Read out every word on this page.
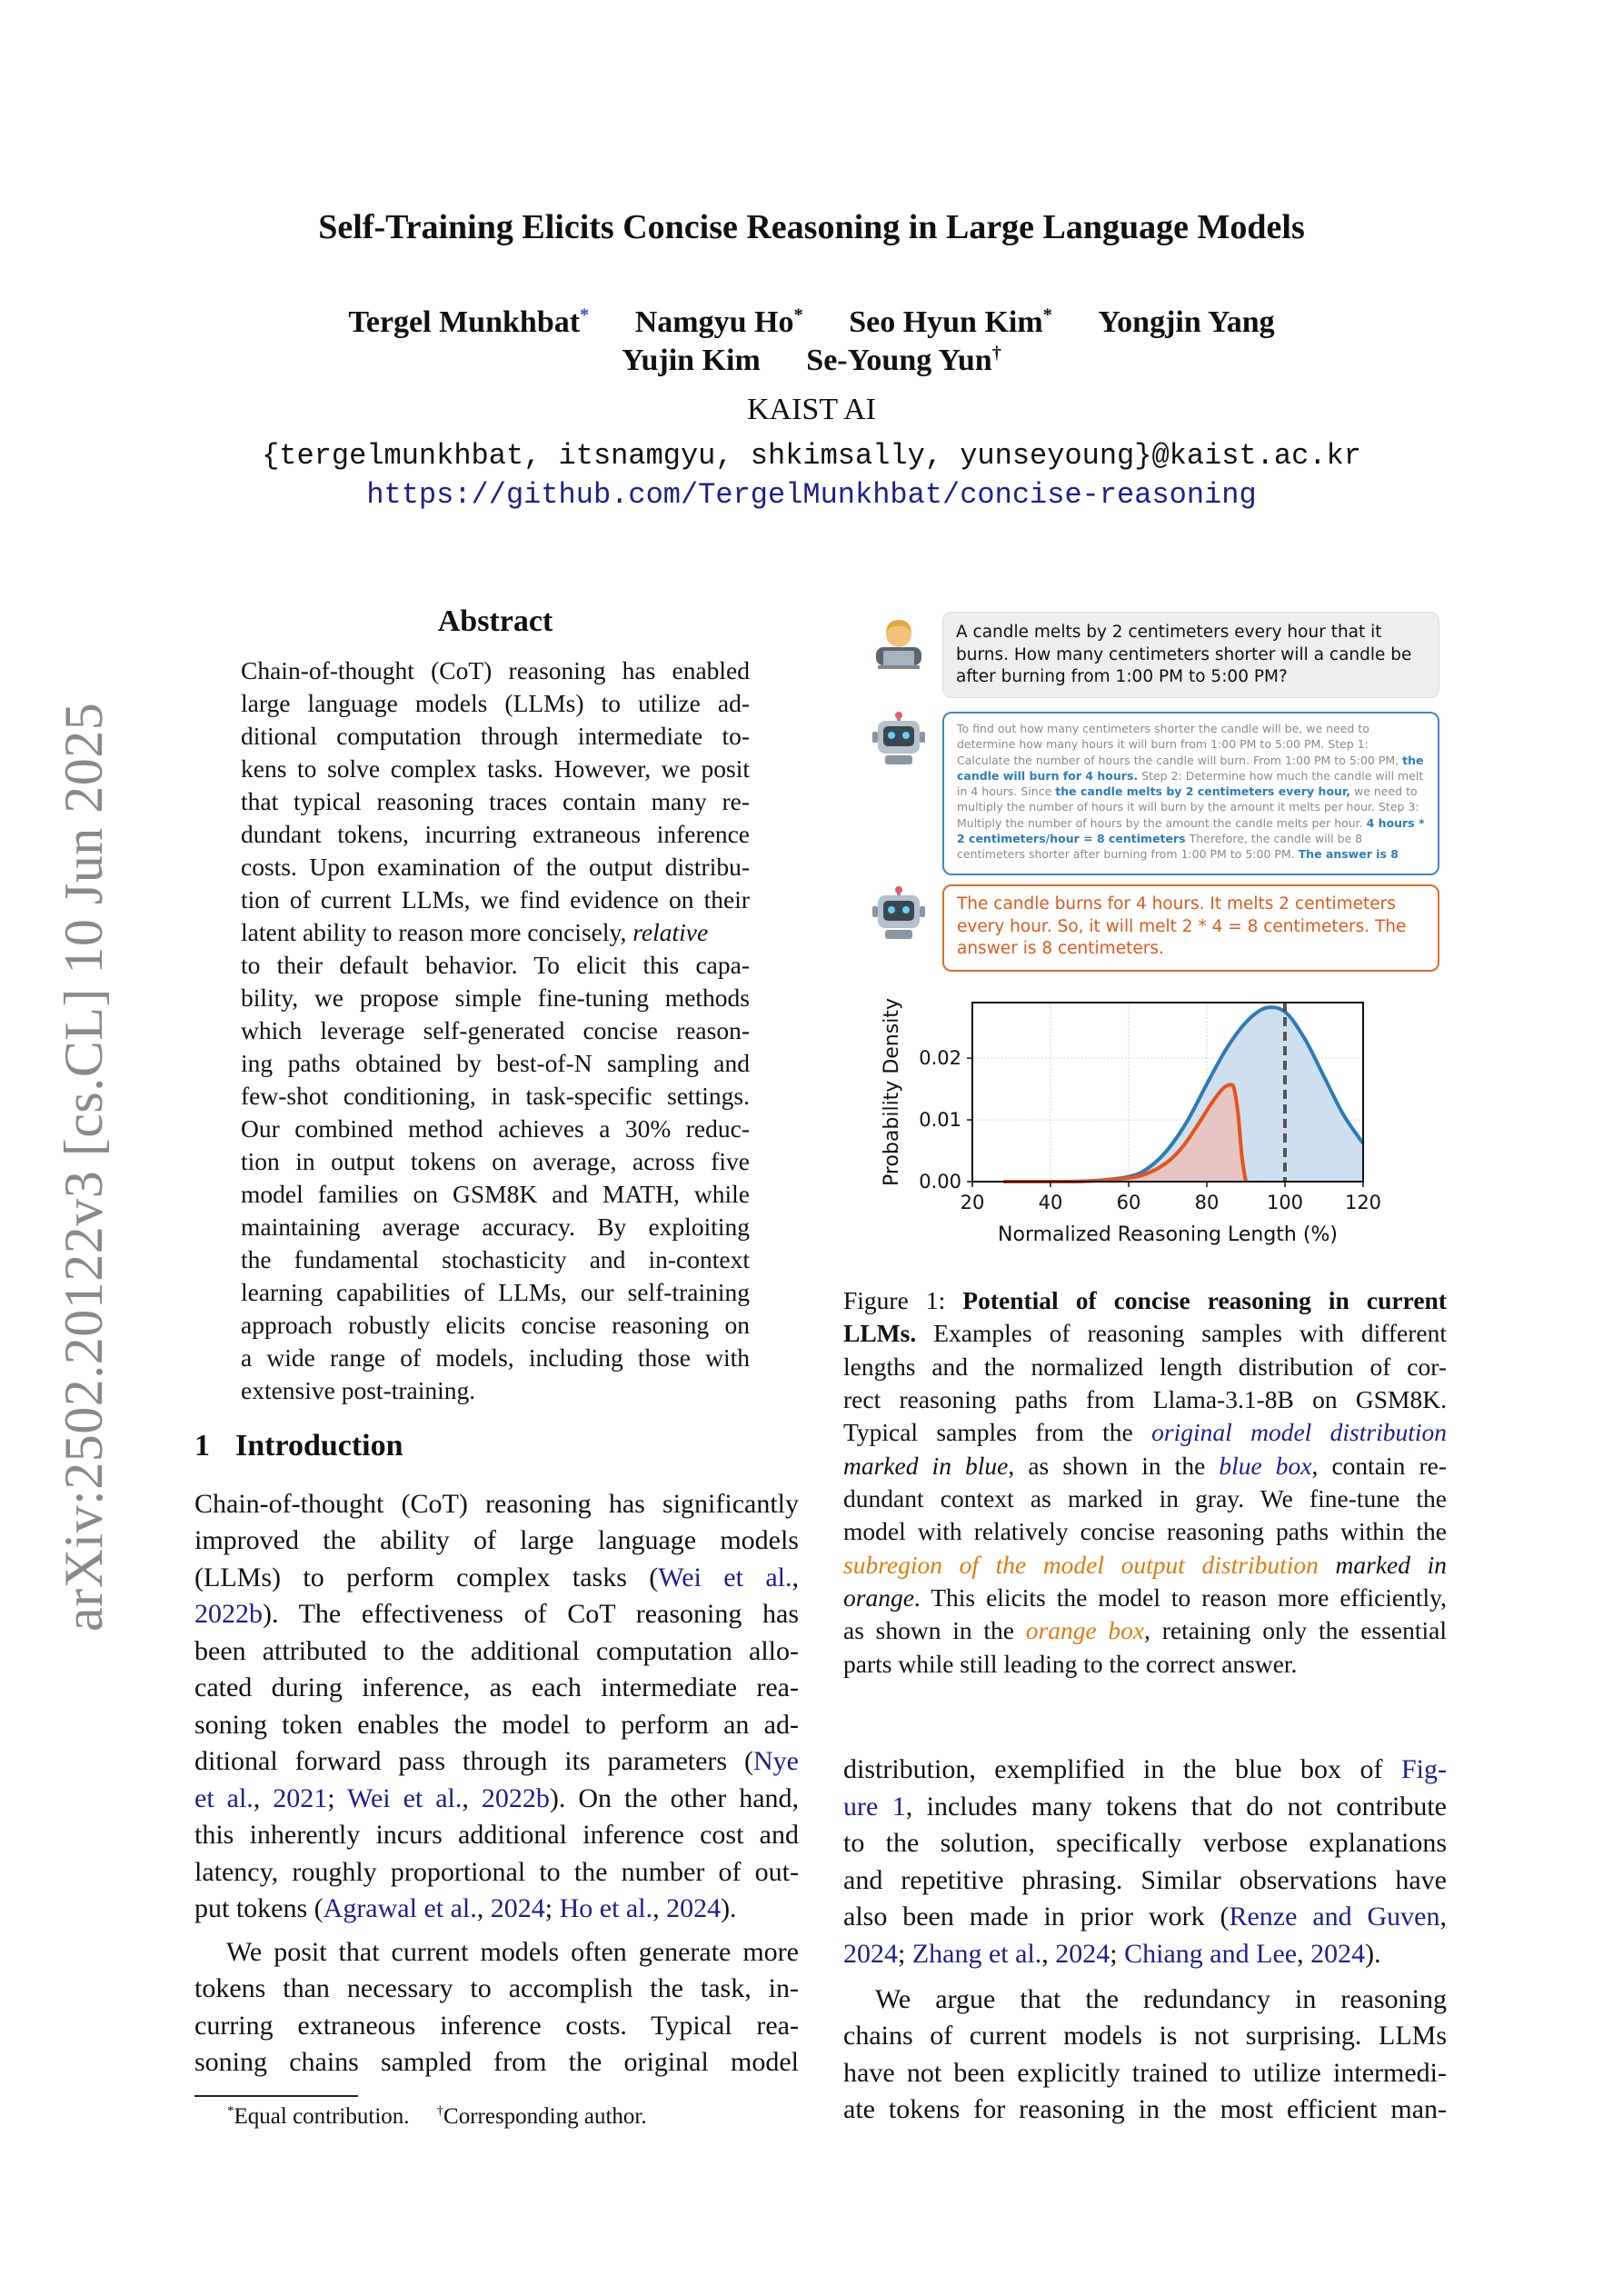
arXiv:2502.20122v3 [cs.CL] 10 Jun 2025
Self-Training Elicits Concise Reasoning in Large Language Models
Tergel Munkhbat* Namgyu Ho* Seo Hyun Kim* Yongjin Yang
Yujin Kim Se-Young Yun†
KAIST AI
{tergelmunkhbat, itsnamgyu, shkimsally, yunseyoung}@kaist.ac.kr
https://github.com/TergelMunkhbat/concise-reasoning
Abstract
Chain-of-thought (CoT) reasoning has enabled
large language models (LLMs) to utilize ad-
ditional computation through intermediate to-
kens to solve complex tasks. However, we posit
that typical reasoning traces contain many re-
dundant tokens, incurring extraneous inference
costs. Upon examination of the output distribu-
tion of current LLMs, we find evidence on their
latent ability to reason more concisely, relative
to their default behavior. To elicit this capa-
bility, we propose simple fine-tuning methods
which leverage self-generated concise reason-
ing paths obtained by best-of-N sampling and
few-shot conditioning, in task-specific settings.
Our combined method achieves a 30% reduc-
tion in output tokens on average, across five
model families on GSM8K and MATH, while
maintaining average accuracy. By exploiting
the fundamental stochasticity and in-context
learning capabilities of LLMs, our self-training
approach robustly elicits concise reasoning on
a wide range of models, including those with
extensive post-training.
1 Introduction
Chain-of-thought (CoT) reasoning has significantly
improved the ability of large language models
(LLMs) to perform complex tasks (Wei et al.,
2022b). The effectiveness of CoT reasoning has
been attributed to the additional computation allo-
cated during inference, as each intermediate rea-
soning token enables the model to perform an ad-
ditional forward pass through its parameters (Nye
et al., 2021; Wei et al., 2022b). On the other hand,
this inherently incurs additional inference cost and
latency, roughly proportional to the number of out-
put tokens (Agrawal et al., 2024; Ho et al., 2024).
We posit that current models often generate more
tokens than necessary to accomplish the task, in-
curring extraneous inference costs. Typical rea-
soning chains sampled from the original model
*Equal contribution. †Corresponding author.
A candle melts by 2 centimeters every hour that it burns. How many centimeters shorter will a candle be after burning from 1:00 PM to 5:00 PM?
To find out how many centimeters shorter the candle will be, we need to determine how many hours it will burn from 1:00 PM to 5:00 PM. Step 1: Calculate the number of hours the candle will burn. From 1:00 PM to 5:00 PM, the candle will burn for 4 hours. Step 2: Determine how much the candle will melt in 4 hours. Since the candle melts by 2 centimeters every hour, we need to multiply the number of hours it will burn by the amount it melts per hour. Step 3: Multiply the number of hours by the amount the candle melts per hour. 4 hours * 2 centimeters/hour = 8 centimeters Therefore, the candle will be 8 centimeters shorter after burning from 1:00 PM to 5:00 PM. The answer is 8
The candle burns for 4 hours. It melts 2 centimeters every hour. So, it will melt 2 * 4 = 8 centimeters. The answer is 8 centimeters.
20	40	60	80	100 120
0.00
0.01
0.02
Normalized Reasoning Length (%)
Probability Density
Figure 1: Potential of concise reasoning in current
LLMs. Examples of reasoning samples with different
lengths and the normalized length distribution of cor-
rect reasoning paths from Llama-3.1-8B on GSM8K.
Typical samples from the original model distribution
marked in blue, as shown in the blue box, contain re-
dundant context as marked in gray. We fine-tune the
model with relatively concise reasoning paths within the
subregion of the model output distribution marked in
orange. This elicits the model to reason more efficiently,
as shown in the orange box, retaining only the essential
parts while still leading to the correct answer.
distribution, exemplified in the blue box of Fig-
ure 1, includes many tokens that do not contribute
to the solution, specifically verbose explanations
and repetitive phrasing. Similar observations have
also been made in prior work (Renze and Guven,
2024; Zhang et al., 2024; Chiang and Lee, 2024).
We argue that the redundancy in reasoning
chains of current models is not surprising. LLMs
have not been explicitly trained to utilize intermedi-
ate tokens for reasoning in the most efficient man-
